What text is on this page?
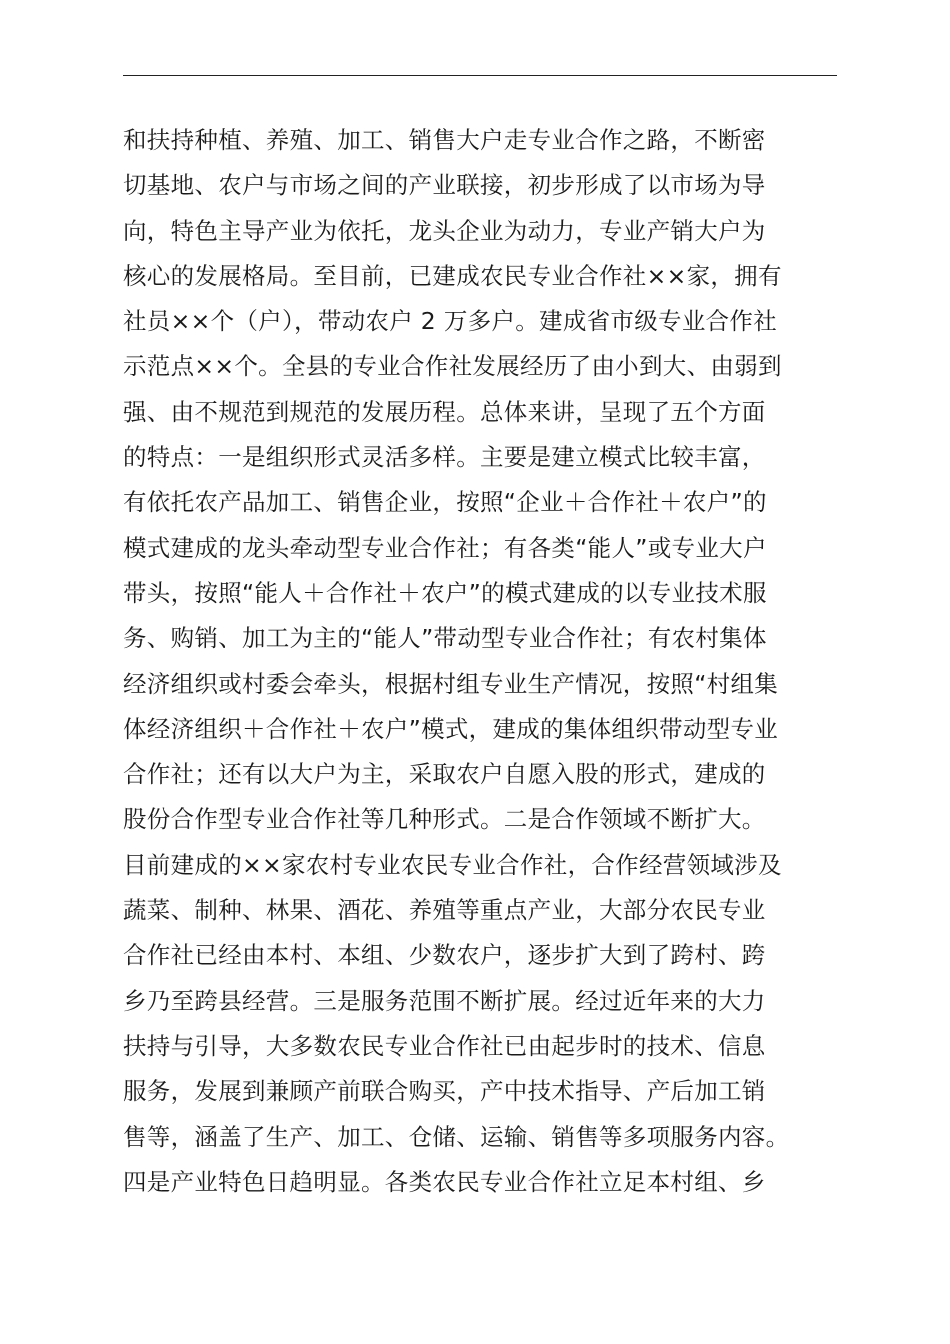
和扶持种植、养殖、加工、销售大户走专业合作之路，不断密
切基地、农户与市场之间的产业联接，初步形成了以市场为导
向，特色主导产业为依托，龙头企业为动力，专业产销大户为
核心的发展格局。至目前，已建成农民专业合作社××家，拥有
社员××个（户），带动农户 2 万多户。建成省市级专业合作社
示范点××个。全县的专业合作社发展经历了由小到大、由弱到
强、由不规范到规范的发展历程。总体来讲，呈现了五个方面
的特点：一是组织形式灵活多样。主要是建立模式比较丰富，
有依托农产品加工、销售企业，按照“企业＋合作社＋农户”的
模式建成的龙头牵动型专业合作社；有各类“能人”或专业大户
带头，按照“能人＋合作社＋农户”的模式建成的以专业技术服
务、购销、加工为主的“能人”带动型专业合作社；有农村集体
经济组织或村委会牵头，根据村组专业生产情况，按照“村组集
体经济组织＋合作社＋农户”模式，建成的集体组织带动型专业
合作社；还有以大户为主，采取农户自愿入股的形式，建成的
股份合作型专业合作社等几种形式。二是合作领域不断扩大。
目前建成的××家农村专业农民专业合作社，合作经营领域涉及
蔬菜、制种、林果、酒花、养殖等重点产业，大部分农民专业
合作社已经由本村、本组、少数农户，逐步扩大到了跨村、跨
乡乃至跨县经营。三是服务范围不断扩展。经过近年来的大力
扶持与引导，大多数农民专业合作社已由起步时的技术、信息
服务，发展到兼顾产前联合购买，产中技术指导、产后加工销
售等，涵盖了生产、加工、仓储、运输、销售等多项服务内容。
四是产业特色日趋明显。各类农民专业合作社立足本村组、乡
